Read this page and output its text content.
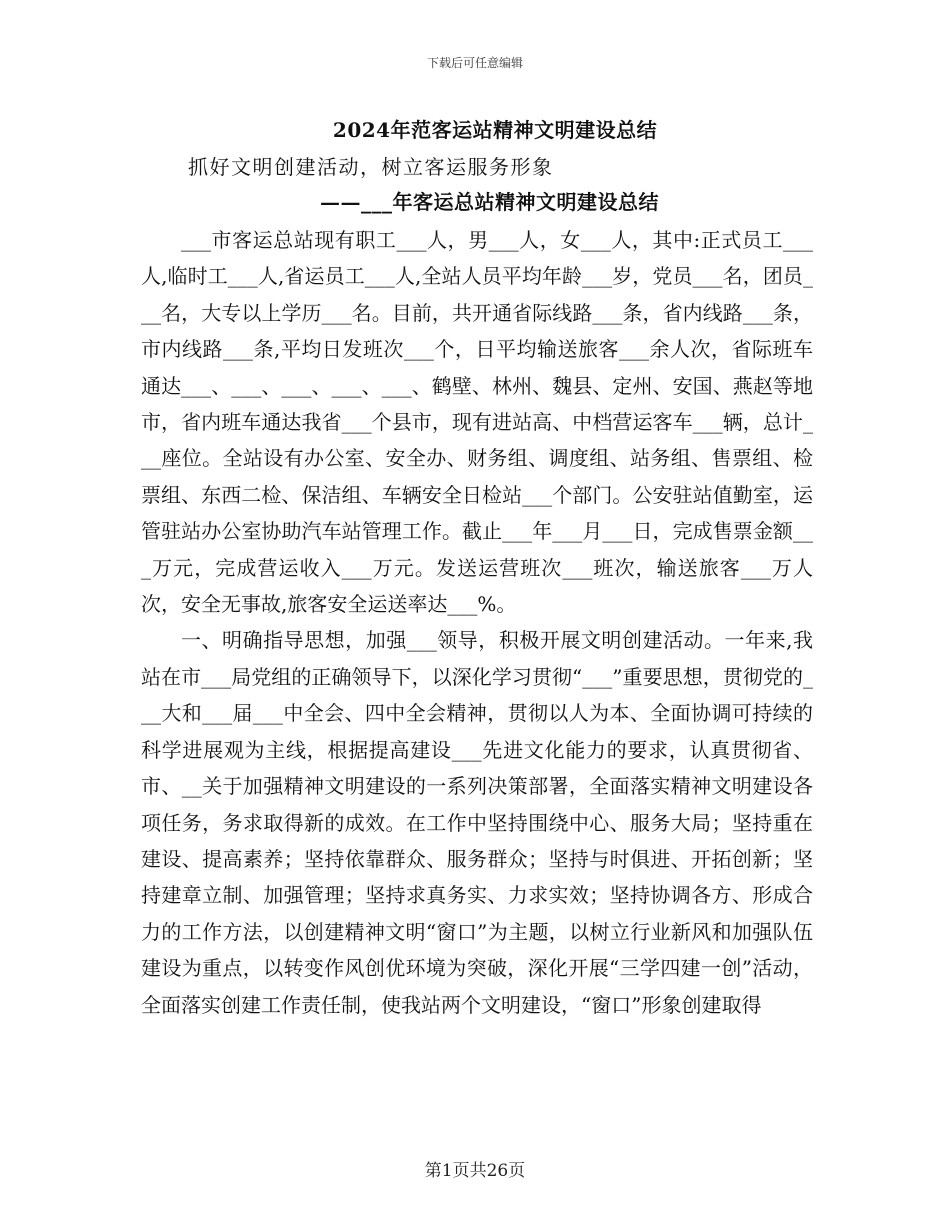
下载后可任意编辑
2024年范客运站精神文明建设总结
抓好文明创建活动，树立客运服务形象
——___年客运总站精神文明建设总结

___市客运总站现有职工___人，男___人，女___人，其中:正式员工___人,临时工___人,省运员工___人,全站人员平均年龄___岁，党员___名，团员___名，大专以上学历___名。目前，共开通省际线路___条，省内线路___条，市内线路___条,平均日发班次___个，日平均输送旅客___余人次，省际班车通达___、___、___、___、___、鹤壁、林州、魏县、定州、安国、燕赵等地市，省内班车通达我省___个县市，现有进站高、中档营运客车___辆，总计___座位。全站设有办公室、安全办、财务组、调度组、站务组、售票组、检票组、东西二检、保洁组、车辆安全日检站___个部门。公安驻站值勤室，运管驻站办公室协助汽车站管理工作。截止___年___月___日，完成售票金额___万元，完成营运收入___万元。发送运营班次___班次，输送旅客___万人次，安全无事故,旅客安全运送率达___%。

一、明确指导思想，加强___领导，积极开展文明创建活动。一年来,我站在市___局党组的正确领导下，以深化学习贯彻“___”重要思想，贯彻党的___大和___届___中全会、四中全会精神，贯彻以人为本、全面协调可持续的科学进展观为主线，根据提高建设___先进文化能力的要求，认真贯彻省、市、__关于加强精神文明建设的一系列决策部署，全面落实精神文明建设各项任务，务求取得新的成效。在工作中坚持围绕中心、服务大局；坚持重在建设、提高素养；坚持依靠群众、服务群众；坚持与时俱进、开拓创新；坚持建章立制、加强管理；坚持求真务实、力求实效；坚持协调各方、形成合力的工作方法，以创建精神文明“窗口”为主题，以树立行业新风和加强队伍建设为重点，以转变作风创优环境为突破，深化开展“三学四建一创”活动，全面落实创建工作责任制，使我站两个文明建设，“窗口”形象创建取得

第1页共26页
